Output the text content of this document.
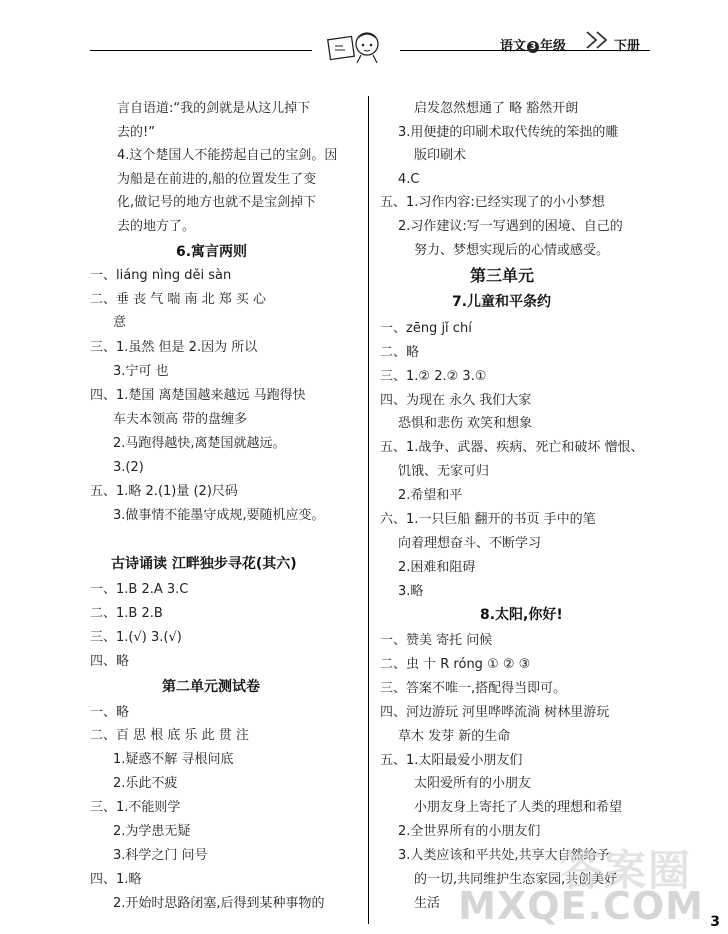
语文 3 年级	下册
言自语道:“我的剑就是从这儿掉下
去的!”
4.这个楚国人不能捞起自己的宝剑。因
为船是在前进的,船的位置发生了变
化,做记号的地方也就不是宝剑掉下
去的地方了。
6.寓言两则
一、liáng nìng děi sàn
二、垂 丧 气 喘 南 北 郑 买 心
意
三、1.虽然 但是 2.因为 所以
3.宁可 也
四、1.楚国 离楚国越来越远 马跑得快
车夫本领高 带的盘缠多
2.马跑得越快,离楚国就越远。
3.(2)
五、1.略 2.(1)量 (2)尺码
3.做事情不能墨守成规,要随机应变。
古诗诵读 江畔独步寻花(其六)
一、1.B 2.A 3.C
二、1.B 2.B
三、1.(√) 3.(√)
四、略
第二单元测试卷
一、略
二、百 思 根 底 乐 此 贯 注
1.疑惑不解 寻根问底
2.乐此不疲
三、1.不能则学
2.为学患无疑
3.科学之门 问号
四、1.略
2.开始时思路闭塞,后得到某种事物的
启发忽然想通了 略 豁然开朗
3.用便捷的印刷术取代传统的笨拙的雕
版印刷术
4.C
五、1.习作内容:已经实现了的小小梦想
2.习作建议:写一写遇到的困境、自己的
努力、梦想实现后的心情或感受。
第三单元
7.儿童和平条约
一、zēng jǐ chí
二、略
三、1.② 2.② 3.①
四、为现在 永久 我们大家
恐惧和悲伤 欢笑和想象
五、1.战争、武器、疾病、死亡和破坏 憎恨、
饥饿、无家可归
2.希望和平
六、1.一只巨船 翻开的书页 手中的笔
向着理想奋斗、不断学习
2.困难和阻碍
3.略
8.太阳,你好!
一、赞美 寄托 问候
二、虫 十 R róng ① ② ③
三、答案不唯一,搭配得当即可。
四、河边游玩 河里哗哗流淌 树林里游玩
草木 发芽 新的生命
五、1.太阳最爱小朋友们
太阳爱所有的小朋友
小朋友身上寄托了人类的理想和希望
2.全世界所有的小朋友们
3.人类应该和平共处,共享大自然给予
的一切,共同维护生态家园,共创美好
生活
答案圈
MXQE.COM 3
